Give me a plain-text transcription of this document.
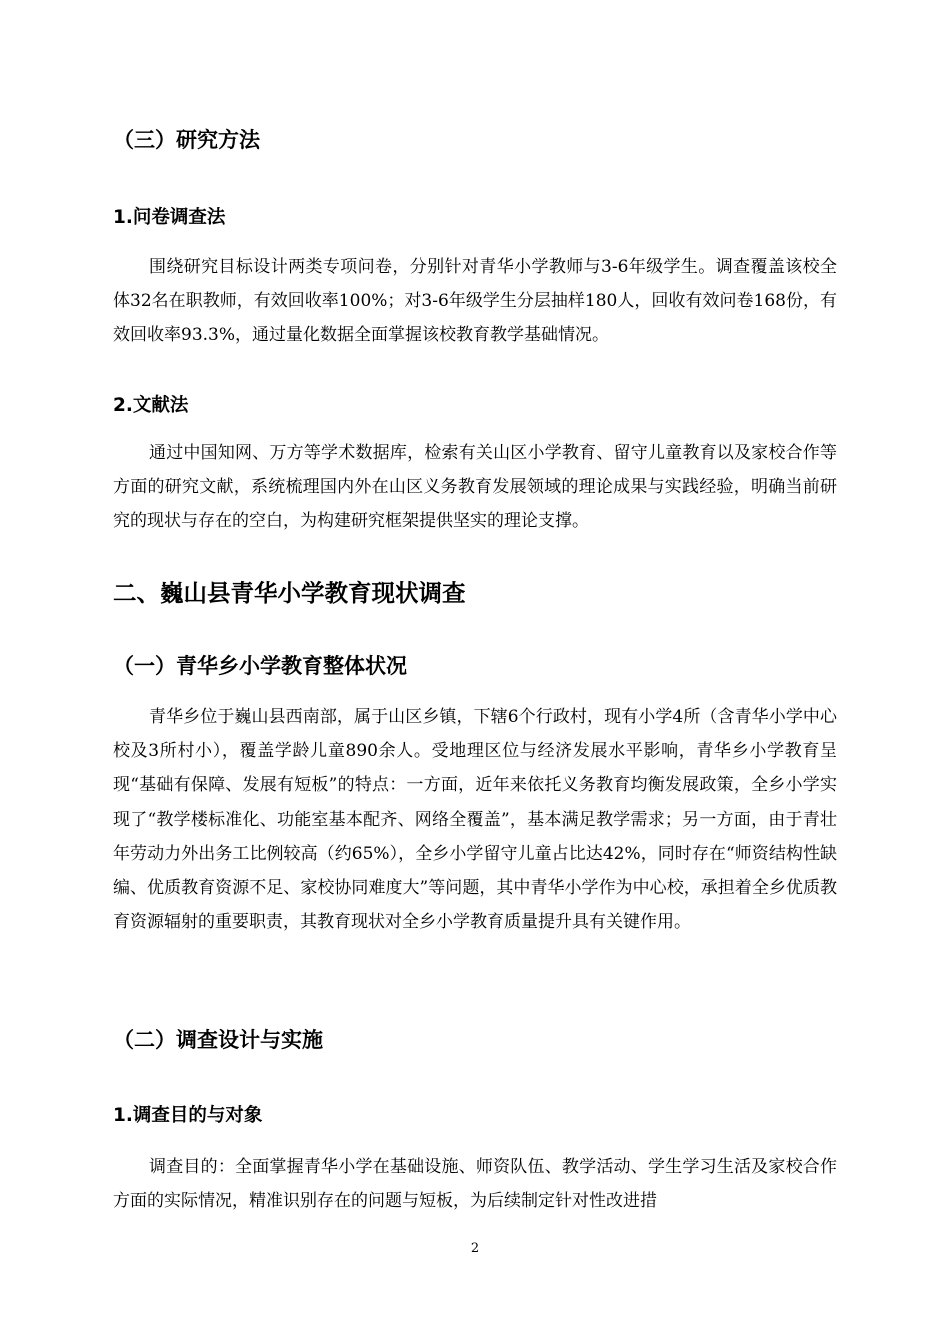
（三）研究方法
1.问卷调查法

围绕研究目标设计两类专项问卷，分别针对青华小学教师与3-6年级学生。调查覆盖该校全体32名在职教师，有效回收率100%；对3-6年级学生分层抽样180人，回收有效问卷168份，有效回收率93.3%，通过量化数据全面掌握该校教育教学基础情况。

2.文献法

通过中国知网、万方等学术数据库，检索有关山区小学教育、留守儿童教育以及家校合作等方面的研究文献，系统梳理国内外在山区义务教育发展领域的理论成果与实践经验，明确当前研究的现状与存在的空白，为构建研究框架提供坚实的理论支撑。

二、巍山县青华小学教育现状调查
（一）青华乡小学教育整体状况

青华乡位于巍山县西南部，属于山区乡镇，下辖6个行政村，现有小学4所（含青华小学中心校及3所村小），覆盖学龄儿童890余人。受地理区位与经济发展水平影响，青华乡小学教育呈现“基础有保障、发展有短板”的特点：一方面，近年来依托义务教育均衡发展政策，全乡小学实现了“教学楼标准化、功能室基本配齐、网络全覆盖”，基本满足教学需求；另一方面，由于青壮年劳动力外出务工比例较高（约65%），全乡小学留守儿童占比达42%，同时存在“师资结构性缺编、优质教育资源不足、家校协同难度大”等问题，其中青华小学作为中心校，承担着全乡优质教育资源辐射的重要职责，其教育现状对全乡小学教育质量提升具有关键作用。

（二）调查设计与实施
1.调查目的与对象

调查目的：全面掌握青华小学在基础设施、师资队伍、教学活动、学生学习生活及家校合作方面的实际情况，精准识别存在的问题与短板，为后续制定针对性改进措

2
